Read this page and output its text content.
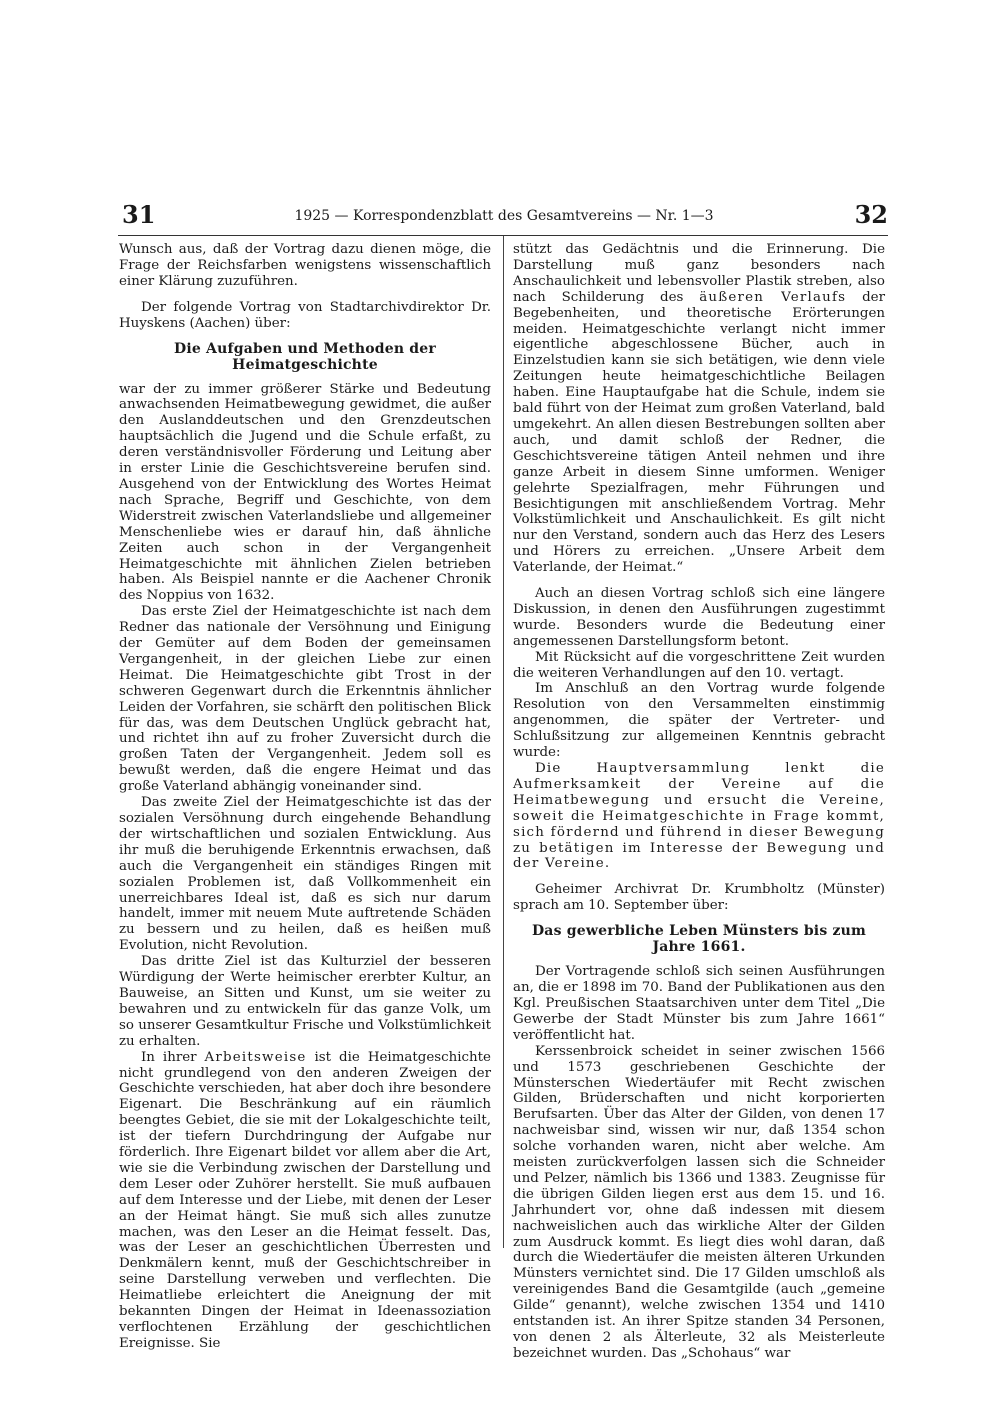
31	1925 — Korrespondenzblatt des Gesamtvereins — Nr. 1—3	32

Wunsch aus, daß der Vortrag dazu dienen möge, die Frage der Reichsfarben wenigstens wissenschaftlich einer Klärung zuzuführen.

Der folgende Vortrag von Stadtarchivdirektor Dr. Huyskens (Aachen) über:

Die Aufgaben und Methoden der Heimatgeschichte

war der zu immer größerer Stärke und Bedeutung anwachsenden Heimatbewegung gewidmet, die außer den Auslanddeutschen und den Grenzdeutschen hauptsächlich die Jugend und die Schule erfaßt, zu deren verständnisvoller Förderung und Leitung aber in erster Linie die Geschichtsvereine berufen sind. Ausgehend von der Entwicklung des Wortes Heimat nach Sprache, Begriff und Geschichte, von dem Widerstreit zwischen Vaterlandsliebe und allgemeiner Menschenliebe wies er darauf hin, daß ähnliche Zeiten auch schon in der Vergangenheit Heimatgeschichte mit ähnlichen Zielen betrieben haben. Als Beispiel nannte er die Aachener Chronik des Noppius von 1632.

Das erste Ziel der Heimatgeschichte ist nach dem Redner das nationale der Versöhnung und Einigung der Gemüter auf dem Boden der gemeinsamen Vergangenheit, in der gleichen Liebe zur einen Heimat. Die Heimatgeschichte gibt Trost in der schweren Gegenwart durch die Erkenntnis ähnlicher Leiden der Vorfahren, sie schärft den politischen Blick für das, was dem Deutschen Unglück gebracht hat, und richtet ihn auf zu froher Zuversicht durch die großen Taten der Vergangenheit. Jedem soll es bewußt werden, daß die engere Heimat und das große Vaterland abhängig voneinander sind.

Das zweite Ziel der Heimatgeschichte ist das der sozialen Versöhnung durch eingehende Behandlung der wirtschaftlichen und sozialen Entwicklung. Aus ihr muß die beruhigende Erkenntnis erwachsen, daß auch die Vergangenheit ein ständiges Ringen mit sozialen Problemen ist, daß Vollkommenheit ein unerreichbares Ideal ist, daß es sich nur darum handelt, immer mit neuem Mute auftretende Schäden zu bessern und zu heilen, daß es heißen muß Evolution, nicht Revolution.

Das dritte Ziel ist das Kulturziel der besseren Würdigung der Werte heimischer ererbter Kultur, an Bauweise, an Sitten und Kunst, um sie weiter zu bewahren und zu entwickeln für das ganze Volk, um so unserer Gesamtkultur Frische und Volkstümlichkeit zu erhalten.

In ihrer Arbeitsweise ist die Heimatgeschichte nicht grundlegend von den anderen Zweigen der Geschichte verschieden, hat aber doch ihre besondere Eigenart. Die Beschränkung auf ein räumlich beengtes Gebiet, die sie mit der Lokalgeschichte teilt, ist der tiefern Durchdringung der Aufgabe nur förderlich. Ihre Eigenart bildet vor allem aber die Art, wie sie die Verbindung zwischen der Darstellung und dem Leser oder Zuhörer herstellt. Sie muß aufbauen auf dem Interesse und der Liebe, mit denen der Leser an der Heimat hängt. Sie muß sich alles zunutze machen, was den Leser an die Heimat fesselt. Das, was der Leser an geschichtlichen Überresten und Denkmälern kennt, muß der Geschichtschreiber in seine Darstellung verweben und verflechten. Die Heimatliebe erleichtert die Aneignung der mit bekannten Dingen der Heimat in Ideenassoziation verflochtenen Erzählung der geschichtlichen Ereignisse. Sie

stützt das Gedächtnis und die Erinnerung. Die Darstellung muß ganz besonders nach Anschaulichkeit und lebensvoller Plastik streben, also nach Schilderung des äußeren Verlaufs der Begebenheiten, und theoretische Erörterungen meiden. Heimatgeschichte verlangt nicht immer eigentliche abgeschlossene Bücher, auch in Einzelstudien kann sie sich betätigen, wie denn viele Zeitungen heute heimatgeschichtliche Beilagen haben. Eine Hauptaufgabe hat die Schule, indem sie bald führt von der Heimat zum großen Vaterland, bald umgekehrt. An allen diesen Bestrebungen sollten aber auch, und damit schloß der Redner, die Geschichtsvereine tätigen Anteil nehmen und ihre ganze Arbeit in diesem Sinne umformen. Weniger gelehrte Spezialfragen, mehr Führungen und Besichtigungen mit anschließendem Vortrag. Mehr Volkstümlichkeit und Anschaulichkeit. Es gilt nicht nur den Verstand, sondern auch das Herz des Lesers und Hörers zu erreichen. „Unsere Arbeit dem Vaterlande, der Heimat.“

Auch an diesen Vortrag schloß sich eine längere Diskussion, in denen den Ausführungen zugestimmt wurde. Besonders wurde die Bedeutung einer angemessenen Darstellungsform betont.

Mit Rücksicht auf die vorgeschrittene Zeit wurden die weiteren Verhandlungen auf den 10. vertagt.

Im Anschluß an den Vortrag wurde folgende Resolution von den Versammelten einstimmig angenommen, die später der Vertreter- und Schlußsitzung zur allgemeinen Kenntnis gebracht wurde:

Die Hauptversammlung lenkt die Aufmerksamkeit der Vereine auf die Heimatbewegung und ersucht die Vereine, soweit die Heimatgeschichte in Frage kommt, sich fördernd und führend in dieser Bewegung zu betätigen im Interesse der Bewegung und der Vereine.

Geheimer Archivrat Dr. Krumbholtz (Münster) sprach am 10. September über:

Das gewerbliche Leben Münsters bis zum Jahre 1661.

Der Vortragende schloß sich seinen Ausführungen an, die er 1898 im 70. Band der Publikationen aus den Kgl. Preußischen Staatsarchiven unter dem Titel „Die Gewerbe der Stadt Münster bis zum Jahre 1661“ veröffentlicht hat.

Kerssenbroick scheidet in seiner zwischen 1566 und 1573 geschriebenen Geschichte der Münsterschen Wiedertäufer mit Recht zwischen Gilden, Brüderschaften und nicht korporierten Berufsarten. Über das Alter der Gilden, von denen 17 nachweisbar sind, wissen wir nur, daß 1354 schon solche vorhanden waren, nicht aber welche. Am meisten zurückverfolgen lassen sich die Schneider und Pelzer, nämlich bis 1366 und 1383. Zeugnisse für die übrigen Gilden liegen erst aus dem 15. und 16. Jahrhundert vor, ohne daß indessen mit diesem nachweislichen auch das wirkliche Alter der Gilden zum Ausdruck kommt. Es liegt dies wohl daran, daß durch die Wiedertäufer die meisten älteren Urkunden Münsters vernichtet sind. Die 17 Gilden umschloß als vereinigendes Band die Gesamtgilde (auch „gemeine Gilde“ genannt), welche zwischen 1354 und 1410 entstanden ist. An ihrer Spitze standen 34 Personen, von denen 2 als Älterleute, 32 als Meisterleute bezeichnet wurden. Das „Schohaus“ war
